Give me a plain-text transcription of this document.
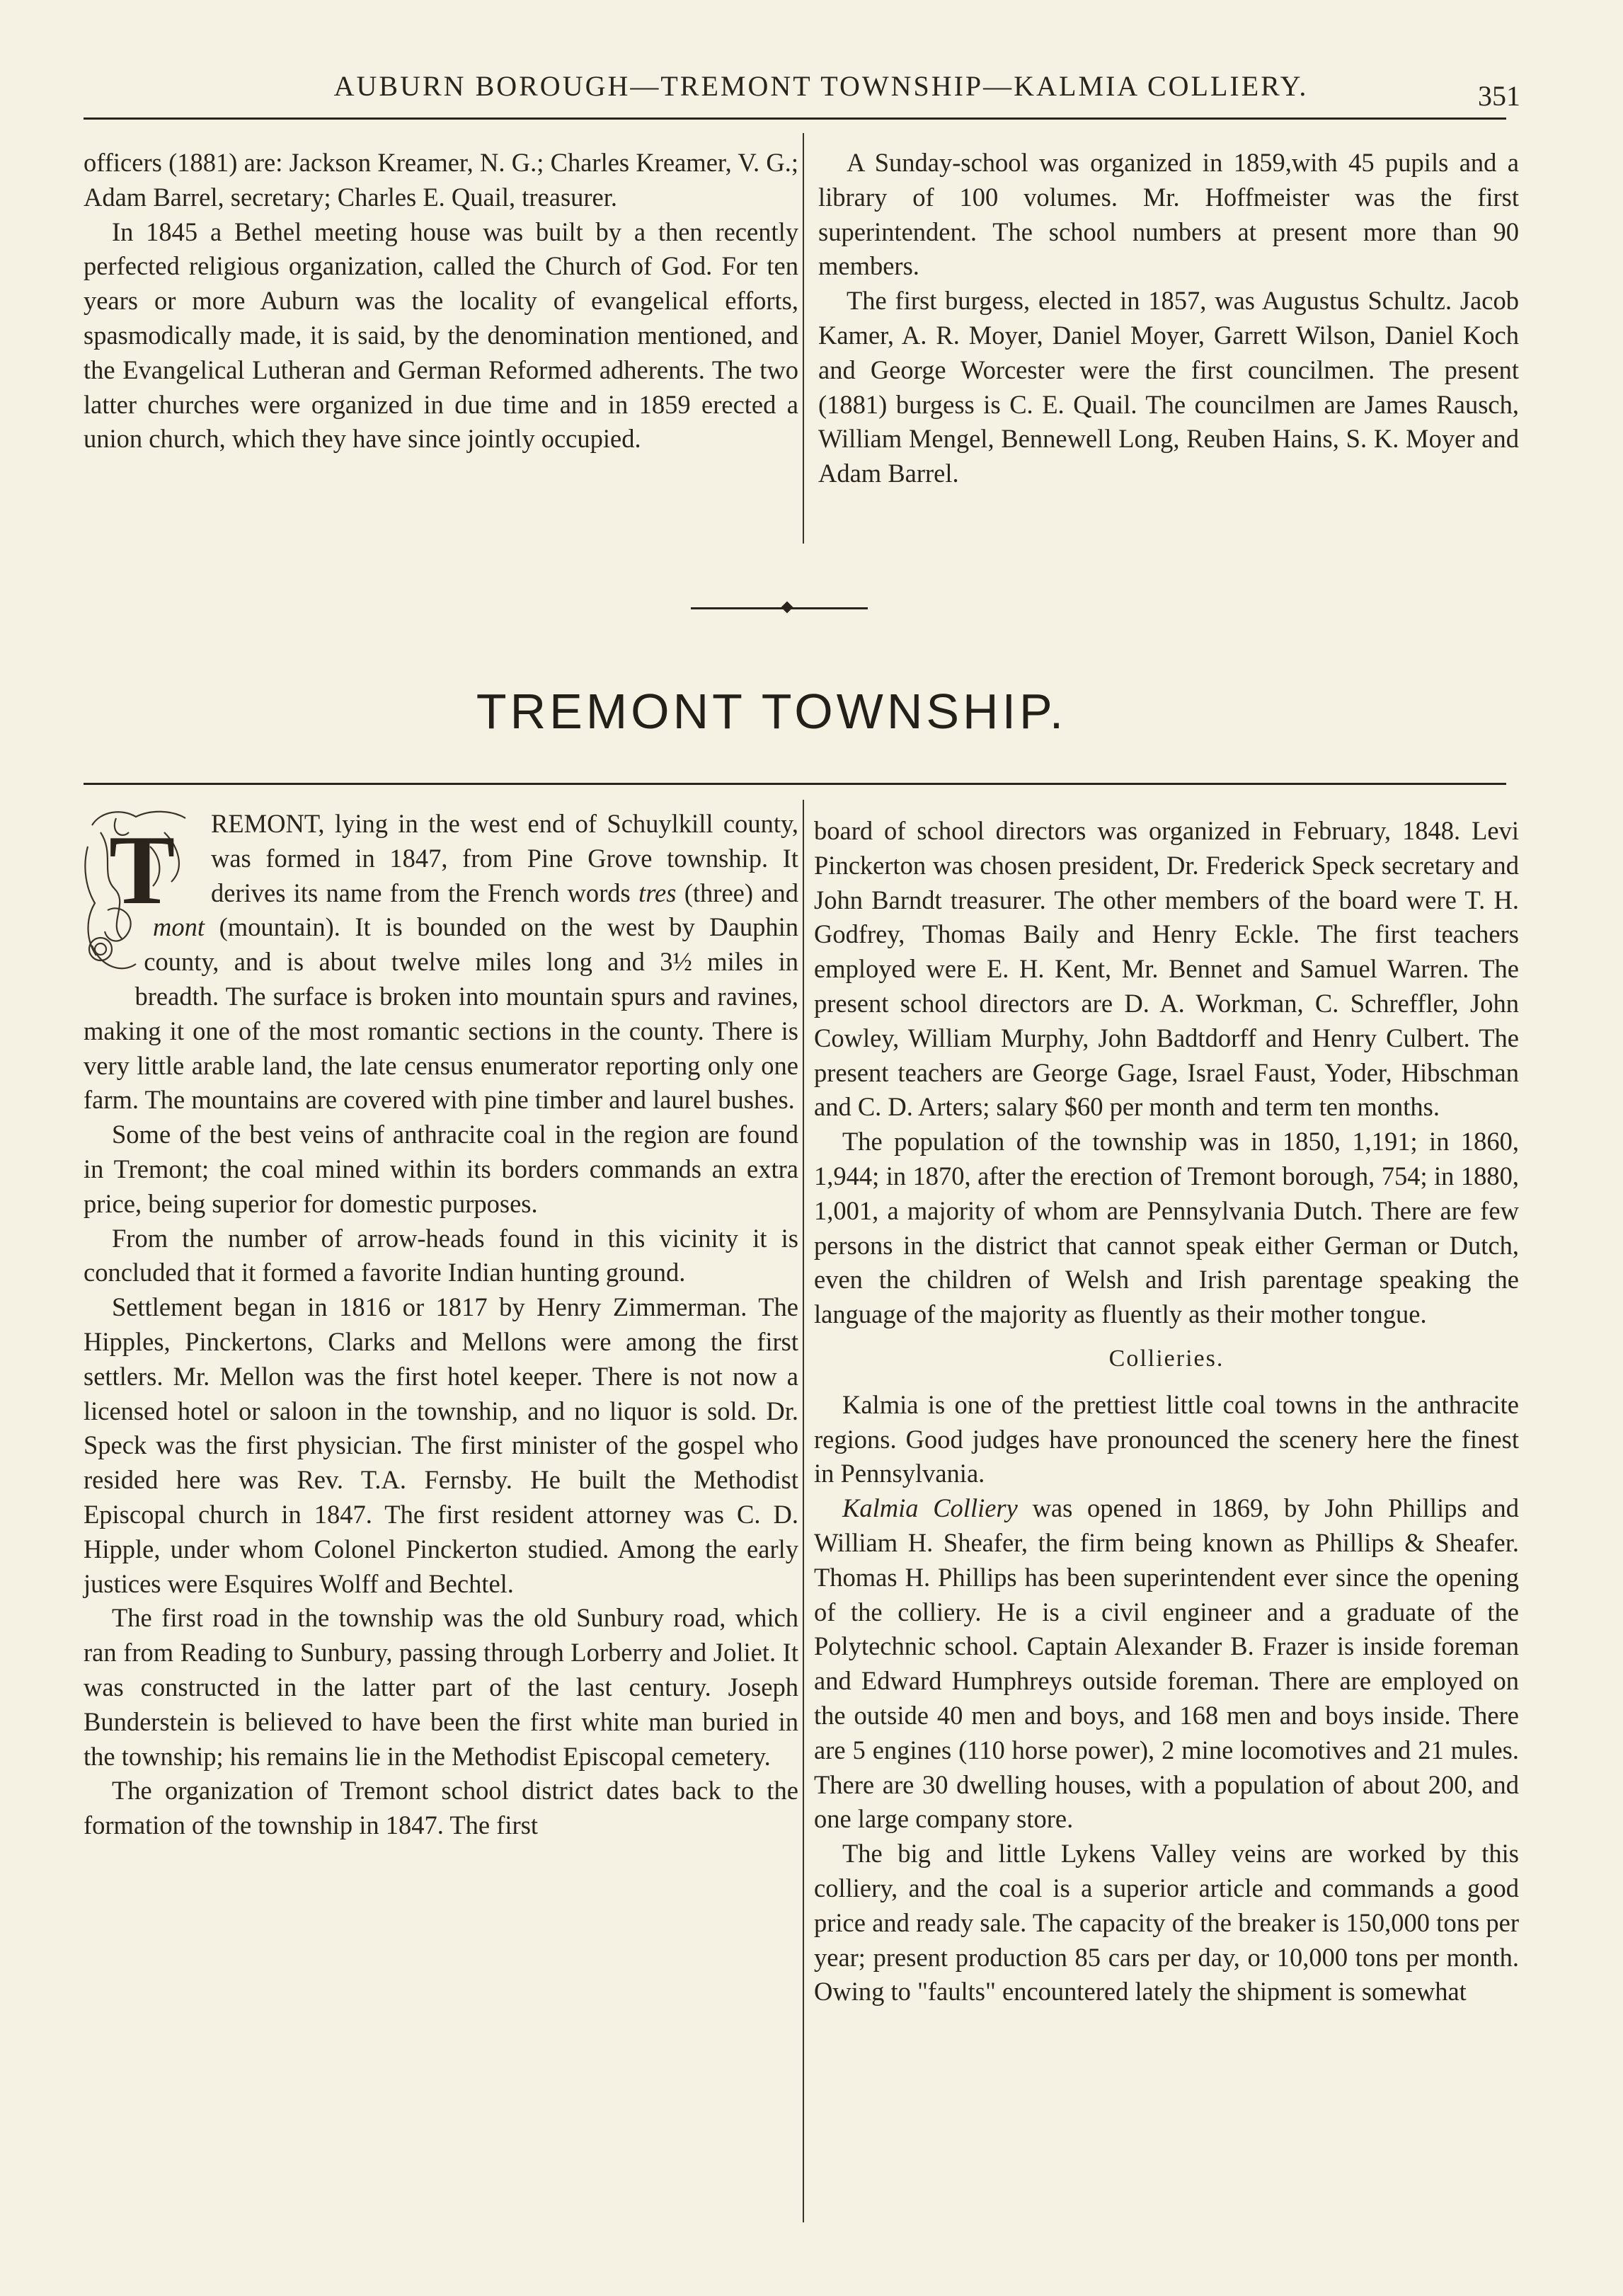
AUBURN BOROUGH—TREMONT TOWNSHIP—KALMIA COLLIERY.	351

officers (1881) are: Jackson Kreamer, N. G.; Charles Kreamer, V. G.; Adam Barrel, secretary; Charles E. Quail, treasurer.

In 1845 a Bethel meeting house was built by a then recently perfected religious organization, called the Church of God. For ten years or more Auburn was the locality of evangelical efforts, spasmodically made, it is said, by the denomination mentioned, and the Evangelical Lutheran and German Reformed adherents. The two latter churches were organized in due time and in 1859 erected a union church, which they have since jointly occupied.

A Sunday-school was organized in 1859,with 45 pupils and a library of 100 volumes. Mr. Hoffmeister was the first superintendent. The school numbers at present more than 90 members.

The first burgess, elected in 1857, was Augustus Schultz. Jacob Kamer, A. R. Moyer, Daniel Moyer, Garrett Wilson, Daniel Koch and George Worcester were the first councilmen. The present (1881) burgess is C. E. Quail. The councilmen are James Rausch, William Mengel, Bennewell Long, Reuben Hains, S. K. Moyer and Adam Barrel.

TREMONT TOWNSHIP.

T REMONT, lying in the west end of Schuylkill county, was formed in 1847, from Pine Grove township. It derives its name from the French words tres (three) and mont (mountain). It is bounded on the west by Dauphin county, and is about twelve miles long and 3½ miles in breadth. The surface is broken into mountain spurs and ravines, making it one of the most romantic sections in the county. There is very little arable land, the late census enumerator reporting only one farm. The mountains are covered with pine timber and laurel bushes.

Some of the best veins of anthracite coal in the region are found in Tremont; the coal mined within its borders commands an extra price, being superior for domestic purposes.

From the number of arrow-heads found in this vicinity it is concluded that it formed a favorite Indian hunting ground.

Settlement began in 1816 or 1817 by Henry Zimmerman. The Hipples, Pinckertons, Clarks and Mellons were among the first settlers. Mr. Mellon was the first hotel keeper. There is not now a licensed hotel or saloon in the township, and no liquor is sold. Dr. Speck was the first physician. The first minister of the gospel who resided here was Rev. T.A. Fernsby. He built the Methodist Episcopal church in 1847. The first resident attorney was C. D. Hipple, under whom Colonel Pinckerton studied. Among the early justices were Esquires Wolff and Bechtel.

The first road in the township was the old Sunbury road, which ran from Reading to Sunbury, passing through Lorberry and Joliet. It was constructed in the latter part of the last century. Joseph Bunderstein is believed to have been the first white man buried in the township; his remains lie in the Methodist Episcopal cemetery.

The organization of Tremont school district dates back to the formation of the township in 1847. The first

board of school directors was organized in February, 1848. Levi Pinckerton was chosen president, Dr. Frederick Speck secretary and John Barndt treasurer. The other members of the board were T. H. Godfrey, Thomas Baily and Henry Eckle. The first teachers employed were E. H. Kent, Mr. Bennet and Samuel Warren. The present school directors are D. A. Workman, C. Schreffler, John Cowley, William Murphy, John Badtdorff and Henry Culbert. The present teachers are George Gage, Israel Faust, Yoder, Hibschman and C. D. Arters; salary $60 per month and term ten months.

The population of the township was in 1850, 1,191; in 1860, 1,944; in 1870, after the erection of Tremont borough, 754; in 1880, 1,001, a majority of whom are Pennsylvania Dutch. There are few persons in the district that cannot speak either German or Dutch, even the children of Welsh and Irish parentage speaking the language of the majority as fluently as their mother tongue.

Collieries.

Kalmia is one of the prettiest little coal towns in the anthracite regions. Good judges have pronounced the scenery here the finest in Pennsylvania.

Kalmia Colliery was opened in 1869, by John Phillips and William H. Sheafer, the firm being known as Phillips & Sheafer. Thomas H. Phillips has been superintendent ever since the opening of the colliery. He is a civil engineer and a graduate of the Polytechnic school. Captain Alexander B. Frazer is inside foreman and Edward Humphreys outside foreman. There are employed on the outside 40 men and boys, and 168 men and boys inside. There are 5 engines (110 horse power), 2 mine locomotives and 21 mules. There are 30 dwelling houses, with a population of about 200, and one large company store.

The big and little Lykens Valley veins are worked by this colliery, and the coal is a superior article and commands a good price and ready sale. The capacity of the breaker is 150,000 tons per year; present production 85 cars per day, or 10,000 tons per month. Owing to "faults" encountered lately the shipment is somewhat
